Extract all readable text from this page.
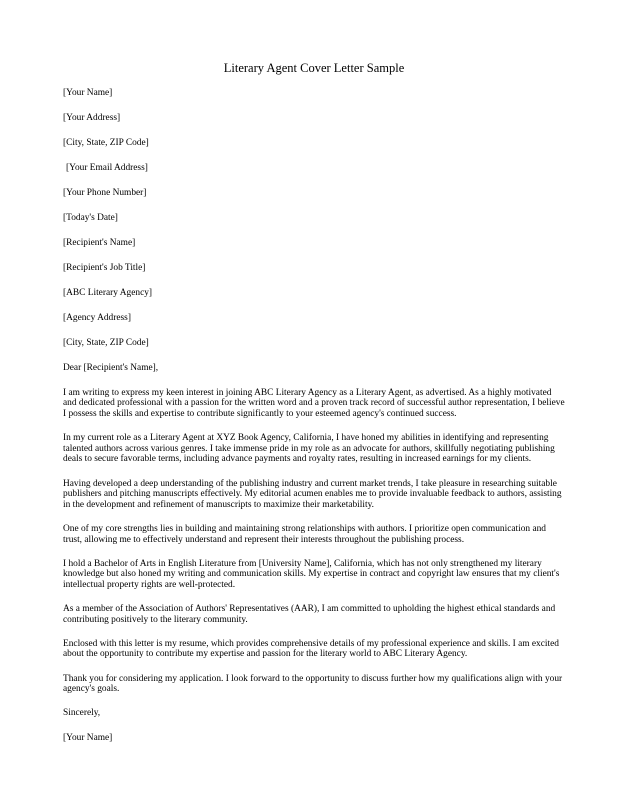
Literary Agent Cover Letter Sample
[Your Name]
[Your Address]
[City, State, ZIP Code]
[Your Email Address]
[Your Phone Number]
[Today's Date]
[Recipient's Name]
[Recipient's Job Title]
[ABC Literary Agency]
[Agency Address]
[City, State, ZIP Code]
Dear [Recipient's Name],

I am writing to express my keen interest in joining ABC Literary Agency as a Literary Agent, as advertised. As a highly motivated and dedicated professional with a passion for the written word and a proven track record of successful author representation, I believe I possess the skills and expertise to contribute significantly to your esteemed agency's continued success.

In my current role as a Literary Agent at XYZ Book Agency, California, I have honed my abilities in identifying and representing talented authors across various genres. I take immense pride in my role as an advocate for authors, skillfully negotiating publishing deals to secure favorable terms, including advance payments and royalty rates, resulting in increased earnings for my clients.

Having developed a deep understanding of the publishing industry and current market trends, I take pleasure in researching suitable publishers and pitching manuscripts effectively. My editorial acumen enables me to provide invaluable feedback to authors, assisting in the development and refinement of manuscripts to maximize their marketability.

One of my core strengths lies in building and maintaining strong relationships with authors. I prioritize open communication and trust, allowing me to effectively understand and represent their interests throughout the publishing process.

I hold a Bachelor of Arts in English Literature from [University Name], California, which has not only strengthened my literary knowledge but also honed my writing and communication skills. My expertise in contract and copyright law ensures that my client's intellectual property rights are well-protected.

As a member of the Association of Authors' Representatives (AAR), I am committed to upholding the highest ethical standards and contributing positively to the literary community.

Enclosed with this letter is my resume, which provides comprehensive details of my professional experience and skills. I am excited about the opportunity to contribute my expertise and passion for the literary world to ABC Literary Agency.

Thank you for considering my application. I look forward to the opportunity to discuss further how my qualifications align with your agency's goals.

Sincerely,
[Your Name]
